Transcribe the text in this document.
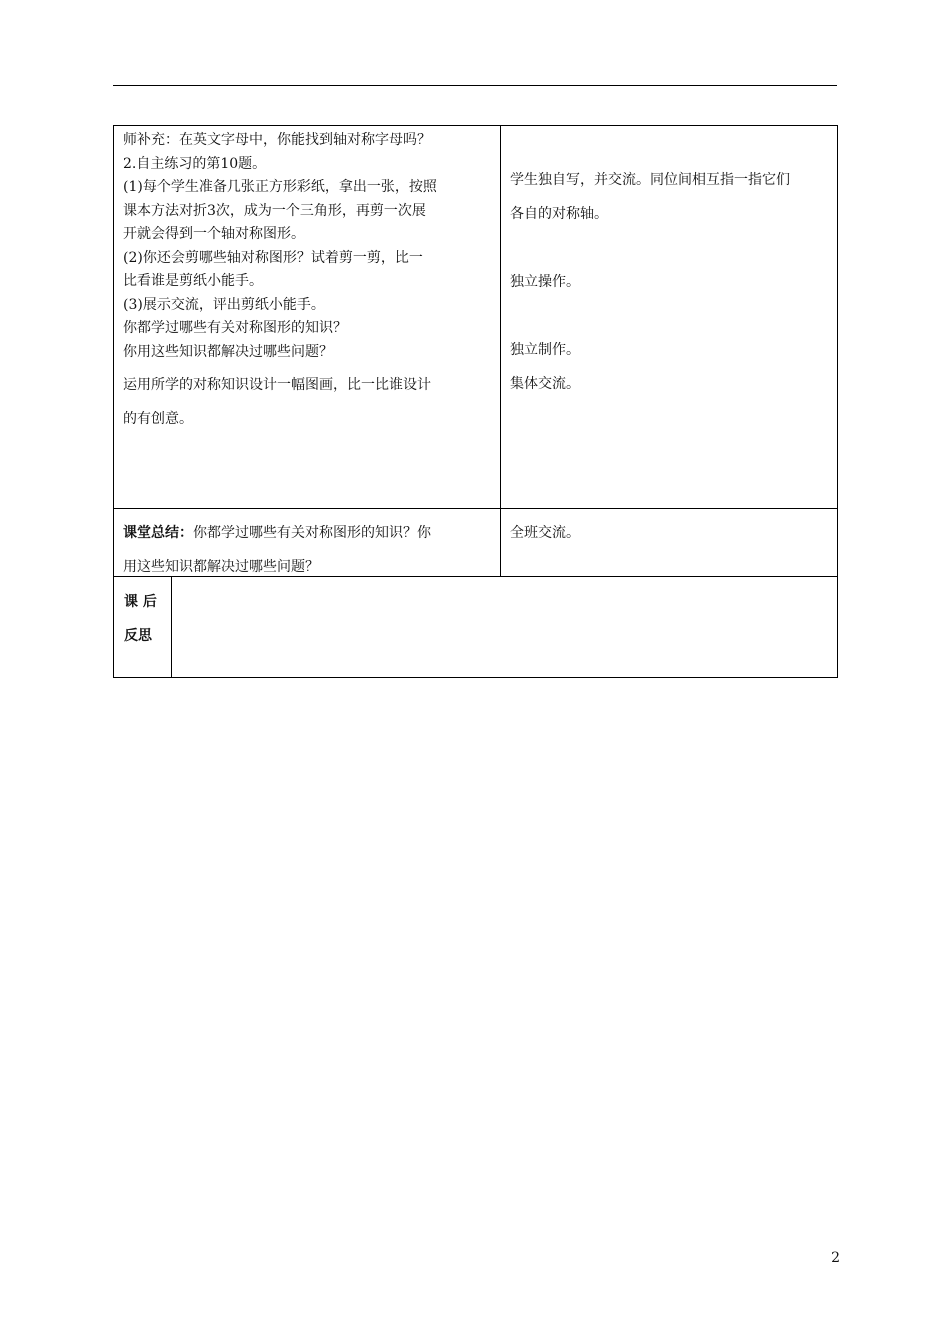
师补充：在英文字母中，你能找到轴对称字母吗？

2.自主练习的第10题。

(1)每个学生准备几张正方形彩纸，拿出一张，按照

课本方法对折3次，成为一个三角形，再剪一次展

开就会得到一个轴对称图形。

(2)你还会剪哪些轴对称图形？试着剪一剪，比一

比看谁是剪纸小能手。

(3)展示交流，评出剪纸小能手。

你都学过哪些有关对称图形的知识？

你用这些知识都解决过哪些问题？

运用所学的对称知识设计一幅图画，比一比谁设计

的有创意。

学生独自写，并交流。同位间相互指一指它们

各自的对称轴。

独立操作。

独立制作。

集体交流。

课堂总结：你都学过哪些有关对称图形的知识？你

用这些知识都解决过哪些问题？

全班交流。

课 后
反思
2
